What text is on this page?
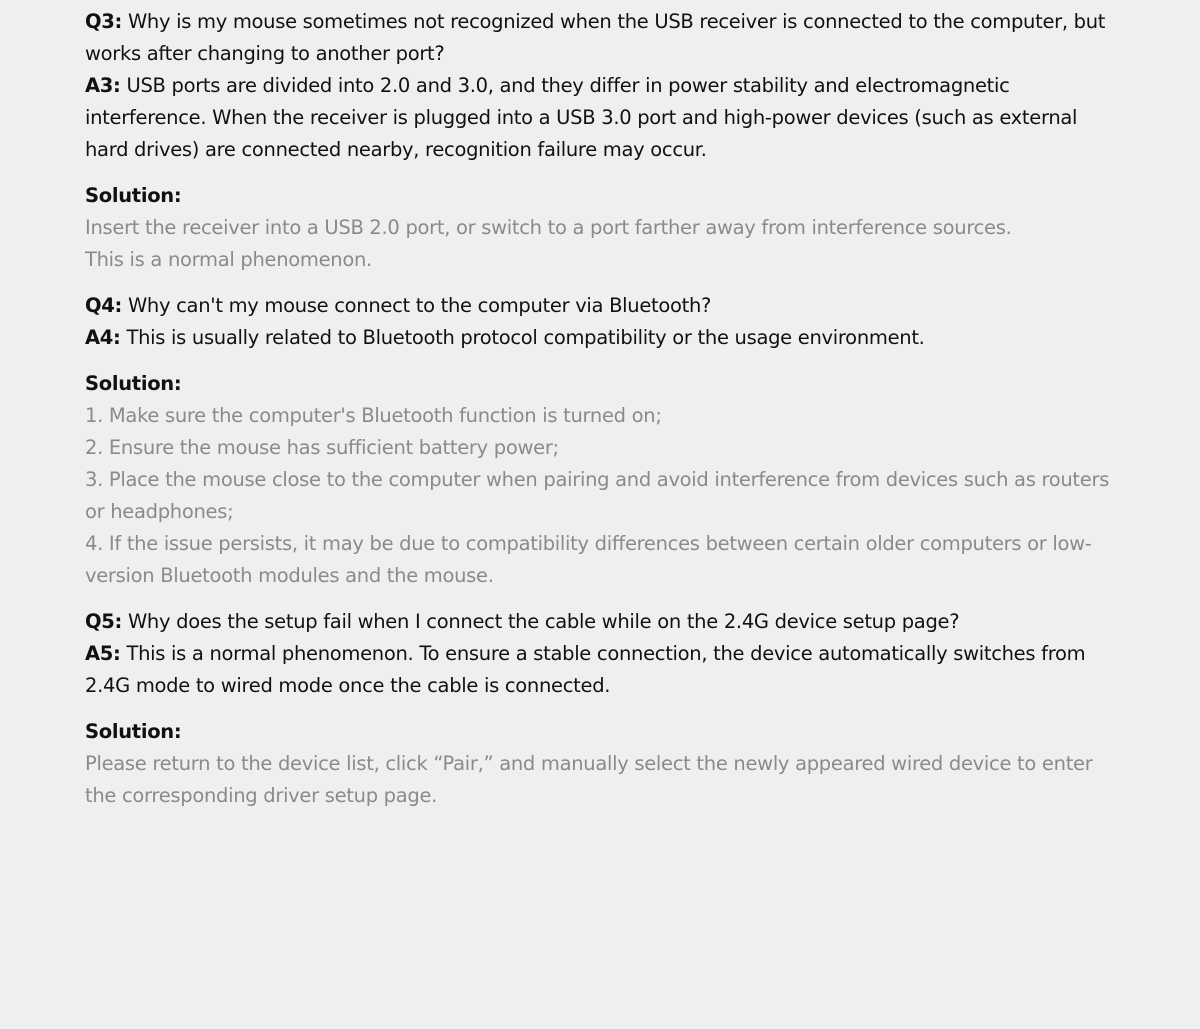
Q3: Why is my mouse sometimes not recognized when the USB receiver is connected to the computer, but works after changing to another port?

A3: USB ports are divided into 2.0 and 3.0, and they differ in power stability and electromagnetic interference. When the receiver is plugged into a USB 3.0 port and high-power devices (such as external hard drives) are connected nearby, recognition failure may occur.

Solution:

Insert the receiver into a USB 2.0 port, or switch to a port farther away from interference sources.

This is a normal phenomenon.

Q4: Why can't my mouse connect to the computer via Bluetooth?

A4: This is usually related to Bluetooth protocol compatibility or the usage environment.

Solution:

1. Make sure the computer's Bluetooth function is turned on;

2. Ensure the mouse has sufficient battery power;

3. Place the mouse close to the computer when pairing and avoid interference from devices such as routers or headphones;

4. If the issue persists, it may be due to compatibility differences between certain older computers or low-version Bluetooth modules and the mouse.

Q5: Why does the setup fail when I connect the cable while on the 2.4G device setup page?

A5: This is a normal phenomenon. To ensure a stable connection, the device automatically switches from 2.4G mode to wired mode once the cable is connected.

Solution:

Please return to the device list, click “Pair,” and manually select the newly appeared wired device to enter the corresponding driver setup page.
